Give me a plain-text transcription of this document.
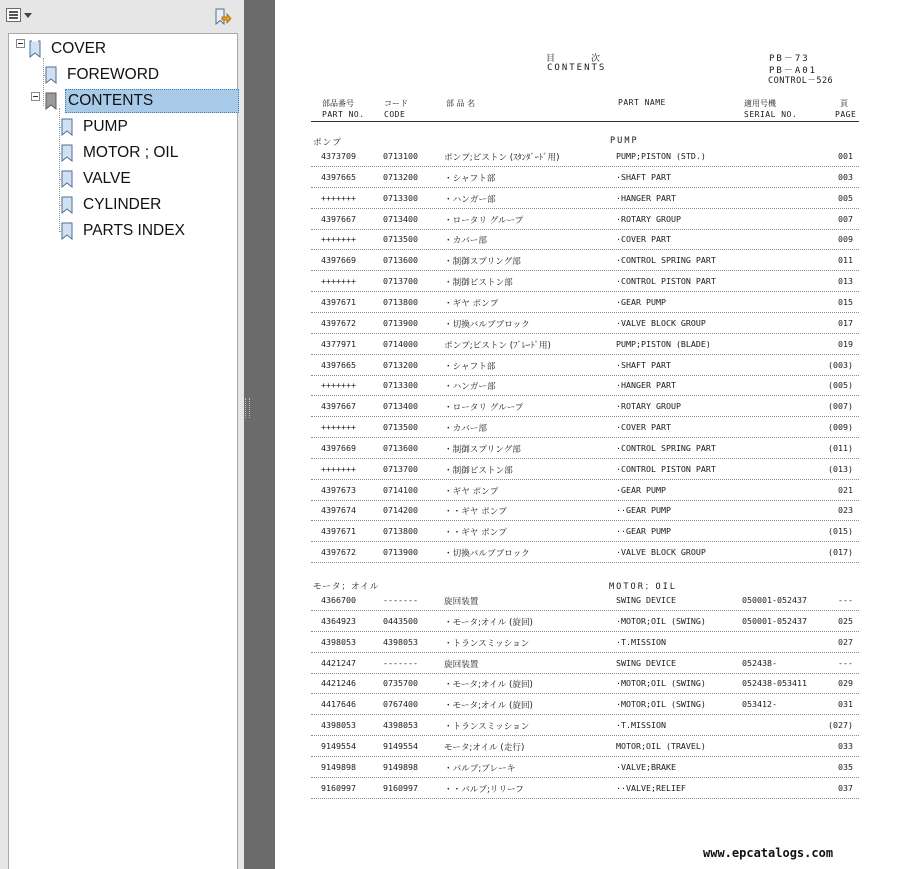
COVER
FOREWORD
CONTENTS
PUMP
MOTOR ; OIL
VALVE
CYLINDER
PARTS INDEX
目　　　　次
CONTENTS
PB－73
PB－A01
CONTROL－526
部品番号
PART NO.
コード
CODE
部 品 名	PART NAME	適用号機
SERIAL NO.
頁
PAGE
ポンプ	PUMP
モータ；オイル	MOTOR；OIL
4373709	0713100	ポンプ;ピストン (ｽﾀﾝﾀﾞｰﾄﾞ用)	PUMP;PISTON (STD.)	001
4397665	0713200	・シャフト部	·SHAFT PART	003
+++++++	0713300	・ハンガー部	·HANGER PART	005
4397667	0713400	・ロータリ グループ	·ROTARY GROUP	007
+++++++	0713500	・カバー部	·COVER PART	009
4397669	0713600	・制御スプリング部	·CONTROL SPRING PART	011
+++++++	0713700	・制御ピストン部	·CONTROL PISTON PART	013
4397671	0713800	・ギヤ ポンプ	·GEAR PUMP	015
4397672	0713900	・切換バルブブロック	·VALVE BLOCK GROUP	017
4377971	0714000	ポンプ;ピストン (ﾌﾞﾚｰﾄﾞ用)	PUMP;PISTON (BLADE)	019
4397665	0713200	・シャフト部	·SHAFT PART	(003)
+++++++	0713300	・ハンガー部	·HANGER PART	(005)
4397667	0713400	・ロータリ グループ	·ROTARY GROUP	(007)
+++++++	0713500	・カバー部	·COVER PART	(009)
4397669	0713600	・制御スプリング部	·CONTROL SPRING PART	(011)
+++++++	0713700	・制御ピストン部	·CONTROL PISTON PART	(013)
4397673	0714100	・ギヤ ポンプ	·GEAR PUMP	021
4397674	0714200	・・ギヤ ポンプ	··GEAR PUMP	023
4397671	0713800	・・ギヤ ポンプ	··GEAR PUMP	(015)
4397672	0713900	・切換バルブブロック	·VALVE BLOCK GROUP	(017)
4366700	-------	旋回装置	SWING DEVICE	050001-052437	---
4364923	0443500	・モータ;オイル (旋回)	·MOTOR;OIL (SWING)	050001-052437	025
4398053	4398053	・トランスミッション	·T.MISSION	027
4421247	-------	旋回装置	SWING DEVICE	052438-	---
4421246	0735700	・モータ;オイル (旋回)	·MOTOR;OIL (SWING)	052438-053411	029
4417646	0767400	・モータ;オイル (旋回)	·MOTOR;OIL (SWING)	053412-	031
4398053	4398053	・トランスミッション	·T.MISSION	(027)
9149554	9149554	モータ;オイル (走行)	MOTOR;OIL (TRAVEL)	033
9149898	9149898	・バルブ;ブレーキ	·VALVE;BRAKE	035
9160997	9160997	・・バルブ;リリーフ	··VALVE;RELIEF	037
www.epcatalogs.com
